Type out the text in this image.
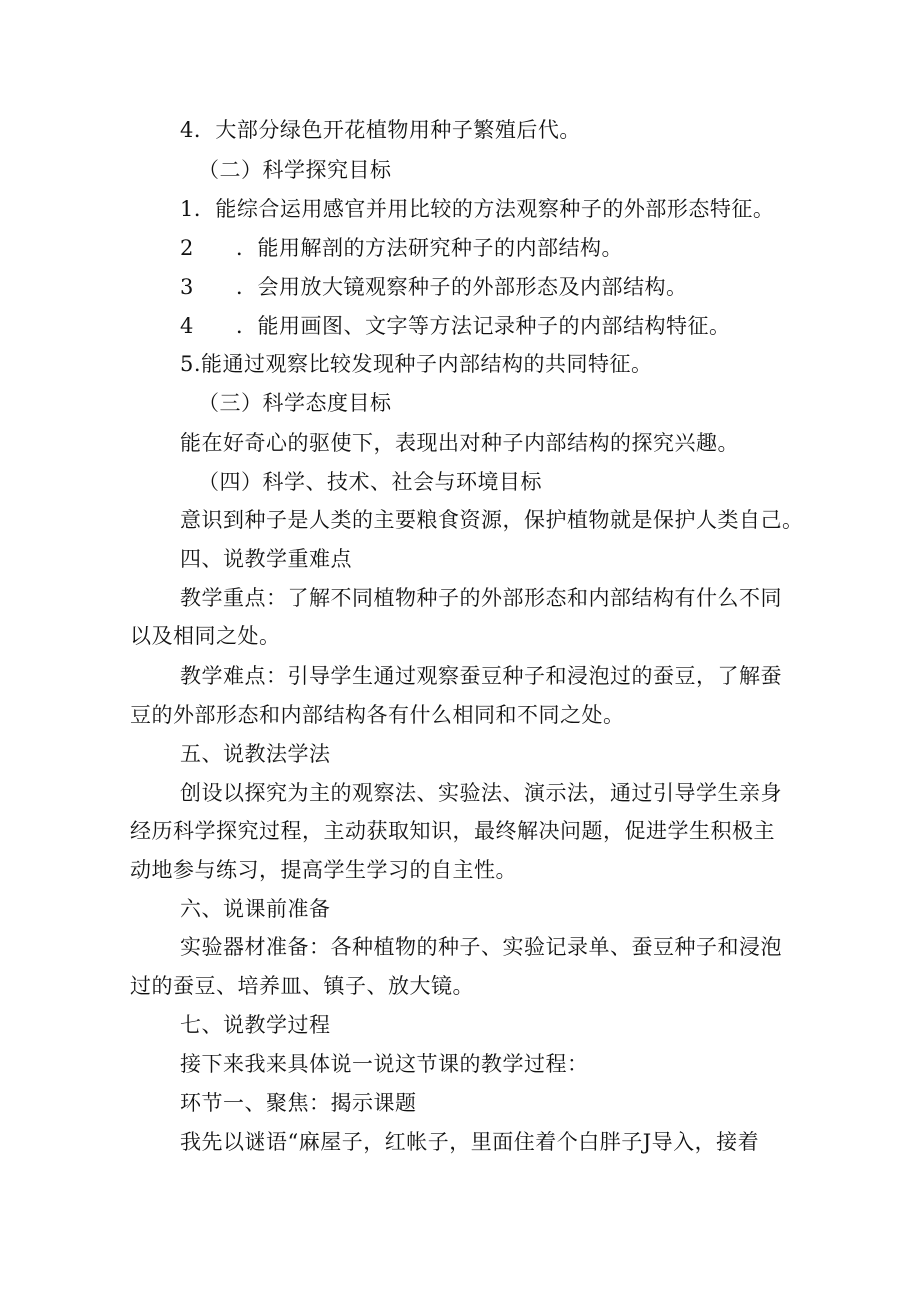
4．大部分绿色开花植物用种子繁殖后代。
（二）科学探究目标
1．能综合运用感官并用比较的方法观察种子的外部形态特征。
2 ．能用解剖的方法研究种子的内部结构。
3 ．会用放大镜观察种子的外部形态及内部结构。
4 ．能用画图、文字等方法记录种子的内部结构特征。
5.能通过观察比较发现种子内部结构的共同特征。
（三）科学态度目标
能在好奇心的驱使下，表现出对种子内部结构的探究兴趣。
（四）科学、技术、社会与环境目标
意识到种子是人类的主要粮食资源，保护植物就是保护人类自己。
四、说教学重难点
教学重点：了解不同植物种子的外部形态和内部结构有什么不同
以及相同之处。
教学难点：引导学生通过观察蚕豆种子和浸泡过的蚕豆，了解蚕
豆的外部形态和内部结构各有什么相同和不同之处。
五、说教法学法
创设以探究为主的观察法、实验法、演示法，通过引导学生亲身
经历科学探究过程，主动获取知识，最终解决问题，促进学生积极主
动地参与练习，提高学生学习的自主性。
六、说课前准备
实验器材准备：各种植物的种子、实验记录单、蚕豆种子和浸泡
过的蚕豆、培养皿、镇子、放大镜。
七、说教学过程
接下来我来具体说一说这节课的教学过程：
环节一、聚焦：揭示课题
我先以谜语“麻屋子，红帐子，里面住着个白胖子J导入，接着
